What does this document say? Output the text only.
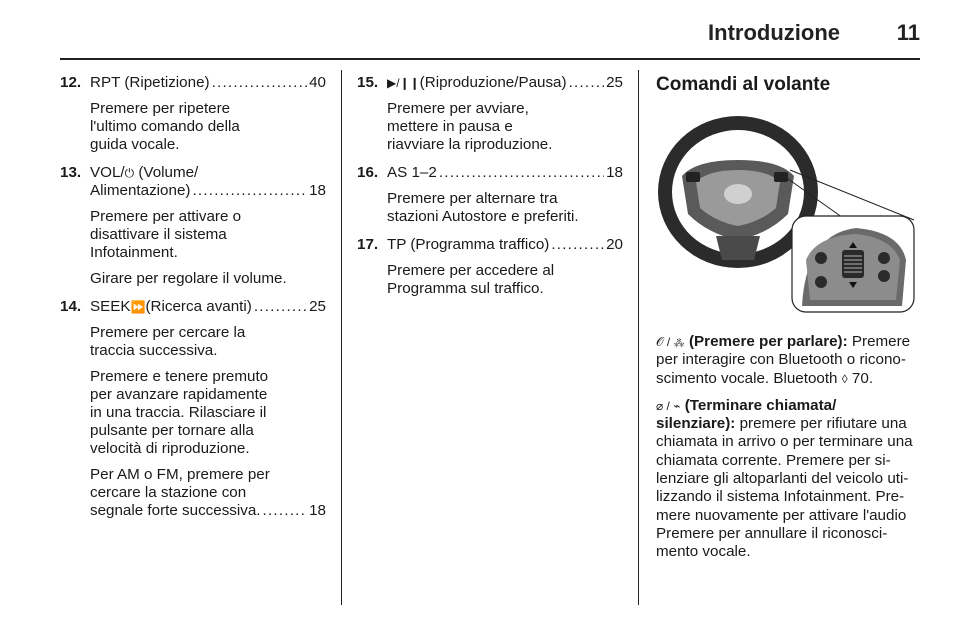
Introduzione	11
12. RPT (Ripetizione) . . .	40
Premere per ripetere
l'ultimo comando della
guida vocale.
13. VOL/⏻ (Volume/
Alimentazione) . . .	18
Premere per attivare o
disattivare il sistema
Infotainment.
Girare per regolare il volume.
14. SEEK ⏩ (Ricerca avanti) . . .	25
Premere per cercare la
traccia successiva.
Premere e tenere premuto
per avanzare rapidamente
in una traccia. Rilasciare il
pulsante per tornare alla
velocità di riproduzione.
Per AM o FM, premere per
cercare la stazione con
segnale forte successiva. . . .	18
15. ▶/❙❙ (Riproduzione/Pausa) . . .	25
Premere per avviare,
mettere in pausa e
riavviare la riproduzione.
16. AS 1–2 . . .	18
Premere per alternare tra
stazioni Autostore e preferiti.
17. TP (Programma traffico) . . .	20
Premere per accedere al
Programma sul traffico.
Comandi al volante

𝒪 / ⁂ (Premere per parlare): Premere
per interagire con Bluetooth o ricono-
scimento vocale. Bluetooth ◊ 70.

⌀ / ⌁ (Terminare chiamata/
silenziare): premere per rifiutare una
chiamata in arrivo o per terminare una
chiamata corrente. Premere per si-
lenziare gli altoparlanti del veicolo uti-
lizzando il sistema Infotainment. Pre-
mere nuovamente per attivare l'audio
Premere per annullare il riconosci-
mento vocale.
